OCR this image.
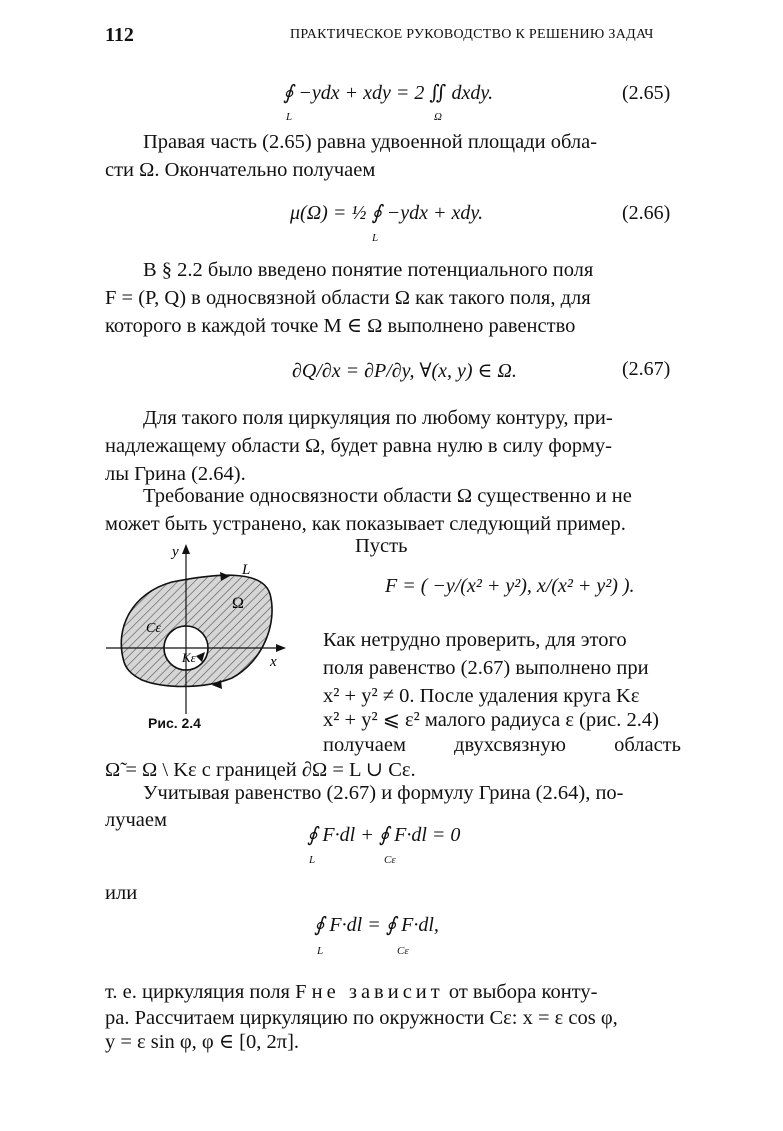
112	ПРАКТИЧЕСКОЕ РУКОВОДСТВО К РЕШЕНИЮ ЗАДАЧ
∮ −ydx + xdy = 2 ∬ dxdy.
L	Ω
(2.65)
Правая часть (2.65) равна удвоенной площади обла-
сти Ω. Окончательно получаем
μ(Ω) = ½ ∮ −ydx + xdy.
L
(2.66)
В § 2.2 было введено понятие потенциального поля
F = (P, Q) в односвязной области Ω как такого поля, для
которого в каждой точке M ∈ Ω выполнено равенство
∂Q/∂x = ∂P/∂y, ∀(x, y) ∈ Ω.	(2.67)
Для такого поля циркуляция по любому контуру, при-
надлежащему области Ω, будет равна нулю в силу форму-
лы Грина (2.64).
Требование односвязности области Ω существенно и не
может быть устранено, как показывает следующий пример.
Пусть
y
x
L
Ω
Cε
Kε
Рис. 2.4
F = ( −y/(x² + y²), x/(x² + y²) ).
Как нетрудно проверить, для этого
поля равенство (2.67) выполнено при
x² + y² ≠ 0. После удаления круга Kε
x² + y² ⩽ ε² малого радиуса ε (рис. 2.4)
получаем двухсвязную область
Ω̃ = Ω \ Kε с границей ∂Ω = L ∪ Cε.
Учитывая равенство (2.67) и формулу Грина (2.64), по-
лучаем
∮ F·dl + ∮ F·dl = 0
L	Cε
или
∮ F·dl = ∮ F·dl,
L	Cε
т. е. циркуляция поля F не зависит от выбора конту-
ра. Рассчитаем циркуляцию по окружности Cε: x = ε cos φ,
y = ε sin φ, φ ∈ [0, 2π].
